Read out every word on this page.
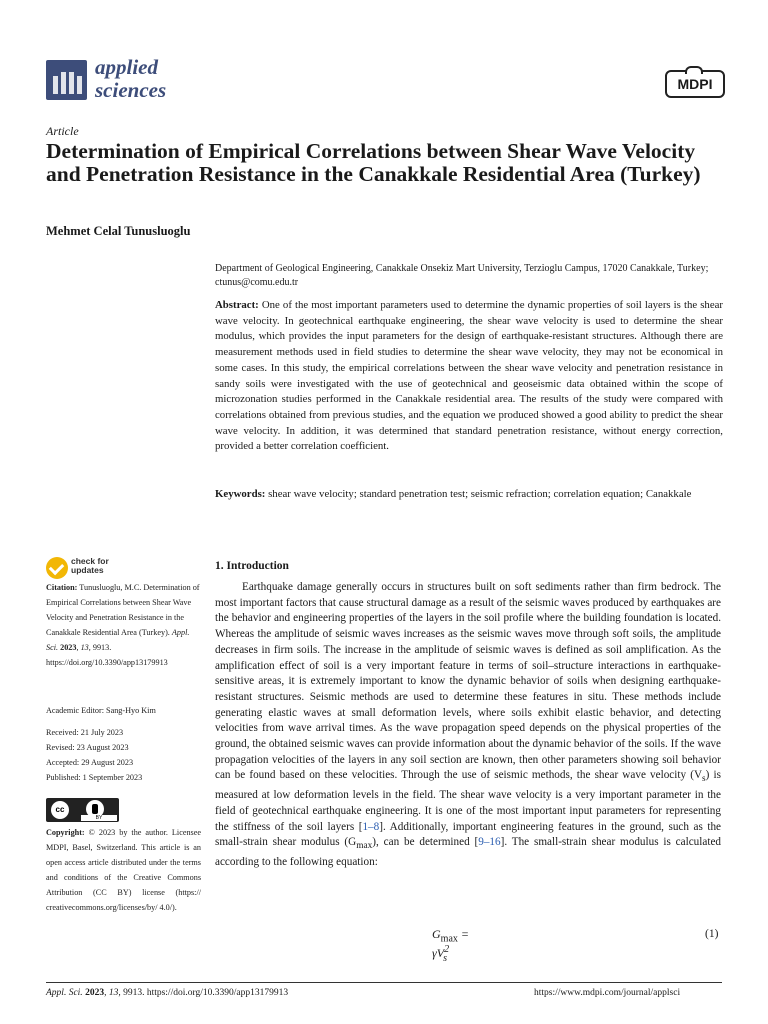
applied
sciences	MDPI
Article
Determination of Empirical Correlations between Shear Wave Velocity and Penetration Resistance in the Canakkale Residential Area (Turkey)
Mehmet Celal Tunusluoglu
Department of Geological Engineering, Canakkale Onsekiz Mart University, Terzioglu Campus, 17020 Canakkale, Turkey; ctunus@comu.edu.tr
Abstract: One of the most important parameters used to determine the dynamic properties of soil layers is the shear wave velocity. In geotechnical earthquake engineering, the shear wave velocity is used to determine the shear modulus, which provides the input parameters for the design of earthquake-resistant structures. Although there are measurement methods used in field studies to determine the shear wave velocity, they may not be economical in some cases. In this study, the empirical correlations between the shear wave velocity and penetration resistance in sandy soils were investigated with the use of geotechnical and geoseismic data obtained within the scope of microzonation studies performed in the Canakkale residential area. The results of the study were compared with correlations obtained from previous studies, and the equation we produced showed a good ability to predict the shear wave velocity. In addition, it was determined that standard penetration resistance, without energy correction, provided a better correlation coefficient.
Keywords: shear wave velocity; standard penetration test; seismic refraction; correlation equation; Canakkale
check for
updates
Citation: Tunusluoglu, M.C. Determination of Empirical Correlations between Shear Wave Velocity and Penetration Resistance in the Canakkale Residential Area (Turkey). Appl. Sci. 2023, 13, 9913. https://doi.org/10.3390/app13179913
Academic Editor: Sang-Hyo Kim
Received: 21 July 2023
Revised: 23 August 2023
Accepted: 29 August 2023
Published: 1 September 2023
cc
BY
Copyright: © 2023 by the author. Licensee MDPI, Basel, Switzerland. This article is an open access article distributed under the terms and conditions of the Creative Commons Attribution (CC BY) license (https:// creativecommons.org/licenses/by/ 4.0/).
1. Introduction

Earthquake damage generally occurs in structures built on soft sediments rather than firm bedrock. The most important factors that cause structural damage as a result of the seismic waves produced by earthquakes are the behavior and engineering properties of the layers in the soil profile where the building foundation is located. Whereas the amplitude of seismic waves increases as the seismic waves move through soft soils, the amplitude decreases in firm soils. The increase in the amplitude of seismic waves is defined as soil amplification. As the amplification effect of soil is a very important feature in terms of soil–structure interactions in earthquake-sensitive areas, it is extremely important to know the dynamic behavior of soils when designing earthquake-resistant structures. Seismic methods are used to determine these features in situ. These methods include generating elastic waves at small deformation levels, where soils exhibit elastic behavior, and detecting velocities from wave arrival times. As the wave propagation speed depends on the physical properties of the ground, the obtained seismic waves can provide information about the dynamic behavior of the soils. If the wave propagation velocities of the layers in any soil section are known, then other parameters showing soil behavior can be found based on these velocities. Through the use of seismic methods, the shear wave velocity $(V_s)$ is measured at low deformation levels in the field. The shear wave velocity is a very important parameter in the field of geotechnical earthquake engineering. It is one of the most important input parameters for representing the stiffness of the soil layers [1–8]. Additionally, important engineering features in the ground, such as the small-strain shear modulus $(G_{max})$, can be determined [9–16]. The small-strain shear modulus is calculated according to the following equation:

$G_{max} = \gamma V^2_s$
(1)
Appl. Sci. 2023, 13, 9913. https://doi.org/10.3390/app13179913	https://www.mdpi.com/journal/applsci
